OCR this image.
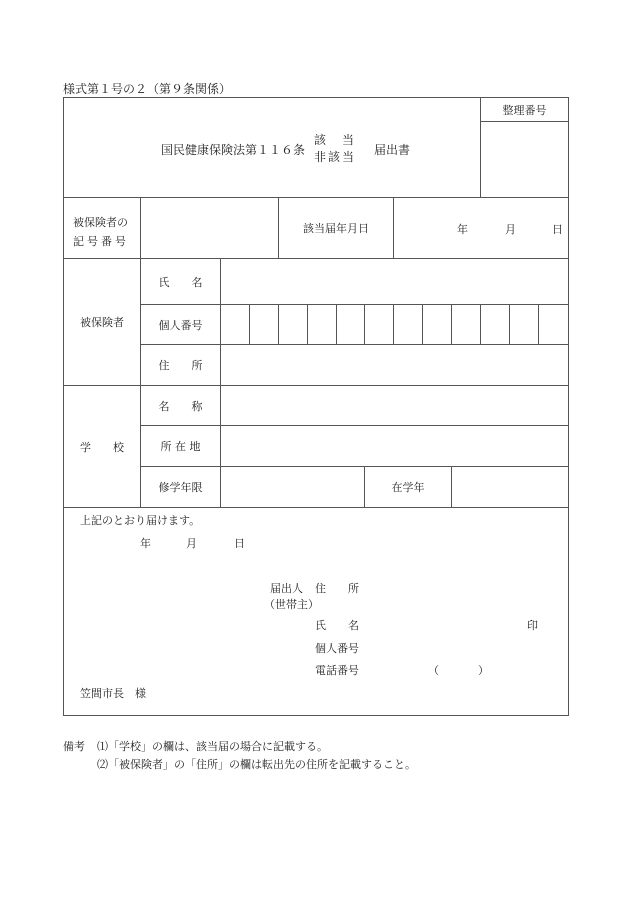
様式第１号の２（第９条関係）
国民健康保険法第１１６条
該　当
非該当 届出書
整理番号
被保険者の
記号番号
該当届年月日	年	月	日
被保険者
氏　　名
個人番号
住　　所
学　　校
名　　称
所 在 地
修学年限	在学年
上記のとおり届けます。
年	月	日
届出人
（世帯主）
住　　所
氏　　名	印
個人番号
電話番号	（	）
笠間市長　様
備考 ⑴「学校」の欄は、該当届の場合に記載する。
⑵「被保険者」の「住所」の欄は転出先の住所を記載すること。
